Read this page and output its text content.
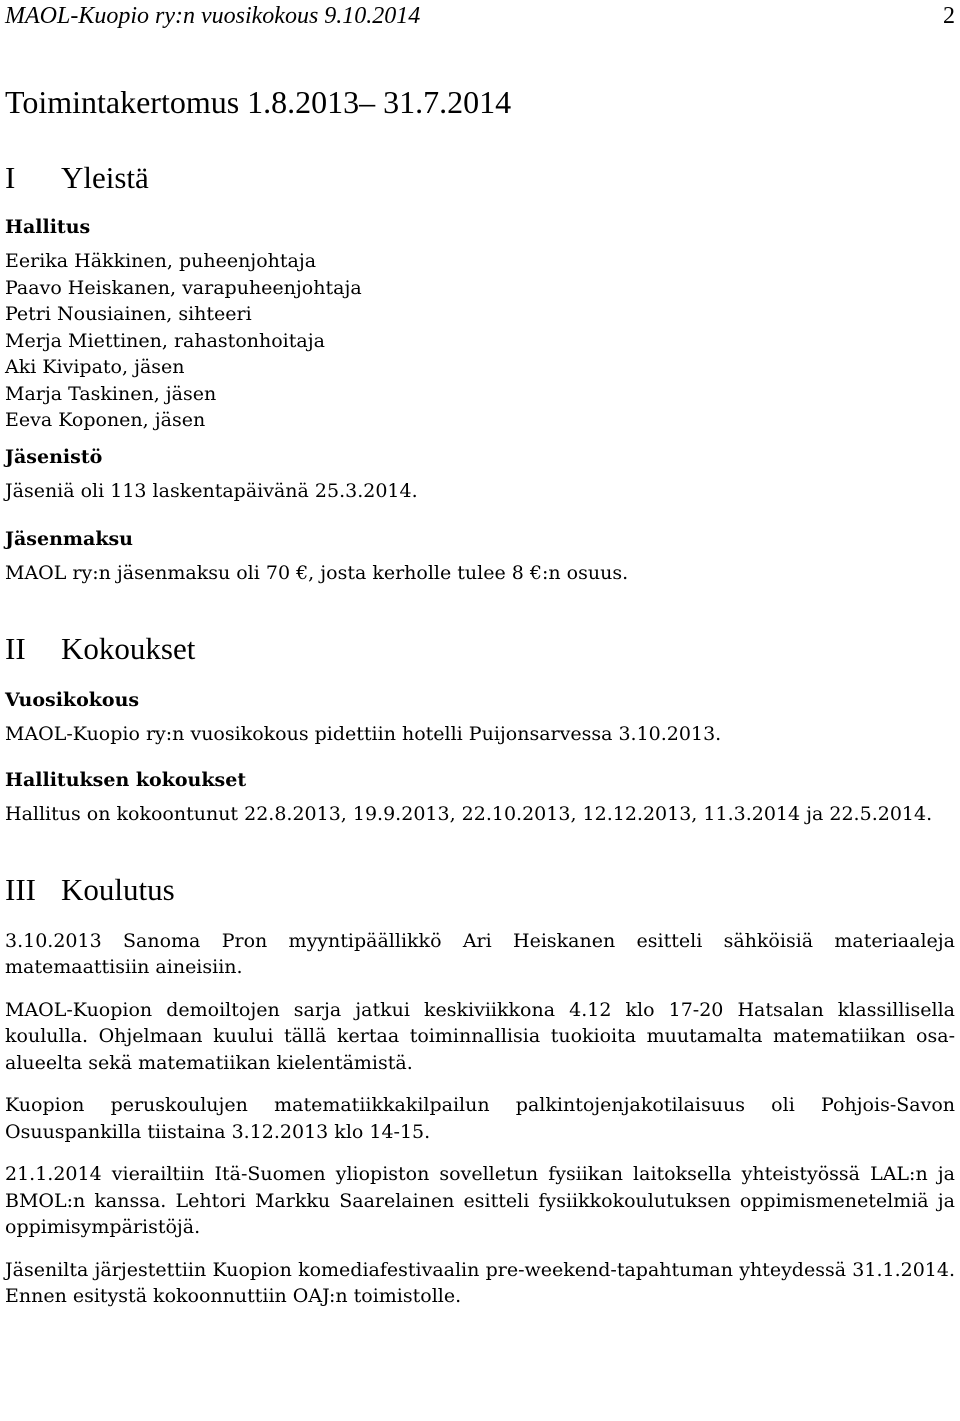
MAOL-Kuopio ry:n vuosikokous 9.10.2014	2
Toimintakertomus 1.8.2013– 31.7.2014
I	Yleistä
Hallitus
Eerika Häkkinen, puheenjohtaja
Paavo Heiskanen, varapuheenjohtaja
Petri Nousiainen, sihteeri
Merja Miettinen, rahastonhoitaja
Aki Kivipato, jäsen
Marja Taskinen, jäsen
Eeva Koponen, jäsen
Jäsenistö

Jäseniä oli 113 laskentapäivänä 25.3.2014.

Jäsenmaksu

MAOL ry:n jäsenmaksu oli 70 €, josta kerholle tulee 8 €:n osuus.

II	Kokoukset
Vuosikokous

MAOL-Kuopio ry:n vuosikokous pidettiin hotelli Puijonsarvessa 3.10.2013.

Hallituksen kokoukset

Hallitus on kokoontunut 22.8.2013, 19.9.2013, 22.10.2013, 12.12.2013, 11.3.2014 ja 22.5.2014.

III Koulutus

3.10.2013 Sanoma Pron myyntipäällikkö Ari Heiskanen esitteli sähköisiä materiaaleja matemaattisiin aineisiin.

MAOL-Kuopion demoiltojen sarja jatkui keskiviikkona 4.12 klo 17-20 Hatsalan klassillisella koululla. Ohjelmaan kuului tällä kertaa toiminnallisia tuokioita muutamalta matematiikan osa-alueelta sekä matematiikan kielentämistä.

Kuopion peruskoulujen matematiikkakilpailun palkintojenjakotilaisuus oli Pohjois-Savon Osuuspankilla tiistaina 3.12.2013 klo 14-15.

21.1.2014 vierailtiin Itä-Suomen yliopiston sovelletun fysiikan laitoksella yhteistyössä LAL:n ja BMOL:n kanssa. Lehtori Markku Saarelainen esitteli fysiikkokoulutuksen oppimismenetelmiä ja oppimisympäristöjä.

Jäsenilta järjestettiin Kuopion komediafestivaalin pre-weekend-tapahtuman yhteydessä 31.1.2014. Ennen esitystä kokoonnuttiin OAJ:n toimistolle.
